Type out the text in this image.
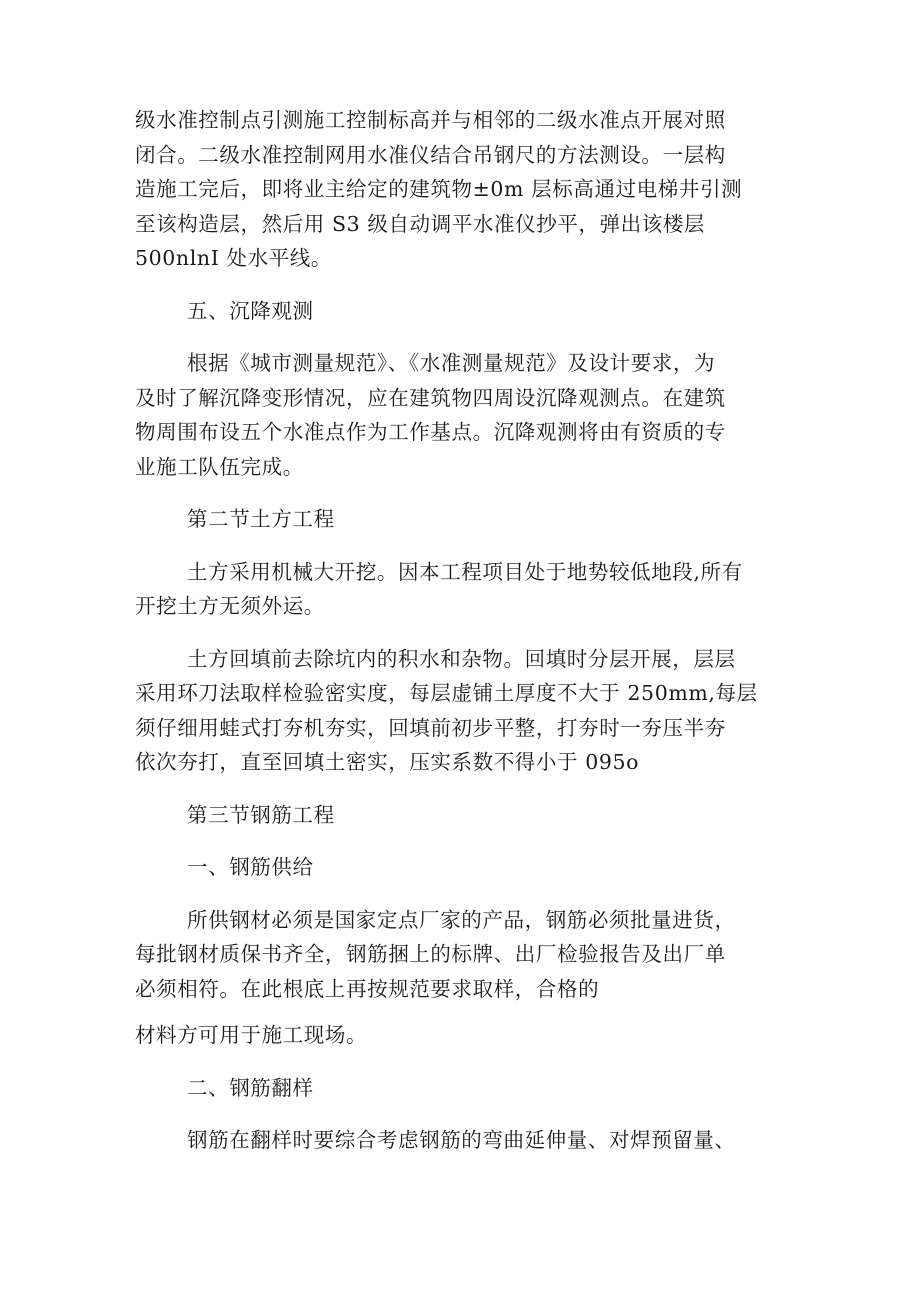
级水准控制点引测施工控制标高并与相邻的二级水准点开展对照
闭合。二级水准控制网用水准仪结合吊钢尺的方法测设。一层构
造施工完后，即将业主给定的建筑物±0m 层标高通过电梯井引测
至该构造层，然后用 S3 级自动调平水准仪抄平，弹出该楼层
500nlnI 处水平线。

五、沉降观测

根据《城市测量规范》、《水准测量规范》及设计要求，为
及时了解沉降变形情况，应在建筑物四周设沉降观测点。在建筑
物周围布设五个水准点作为工作基点。沉降观测将由有资质的专
业施工队伍完成。

第二节土方工程

土方采用机械大开挖。因本工程项目处于地势较低地段,所有
开挖土方无须外运。

土方回填前去除坑内的积水和杂物。回填时分层开展，层层
采用环刀法取样检验密实度，每层虚铺土厚度不大于 250mm,每层
须仔细用蛙式打夯机夯实，回填前初步平整，打夯时一夯压半夯
依次夯打，直至回填土密实，压实系数不得小于 095o

第三节钢筋工程

一、钢筋供给

所供钢材必须是国家定点厂家的产品，钢筋必须批量进货，
每批钢材质保书齐全，钢筋捆上的标牌、出厂检验报告及出厂单
必须相符。在此根底上再按规范要求取样，合格的

材料方可用于施工现场。

二、钢筋翻样

钢筋在翻样时要综合考虑钢筋的弯曲延伸量、对焊预留量、
